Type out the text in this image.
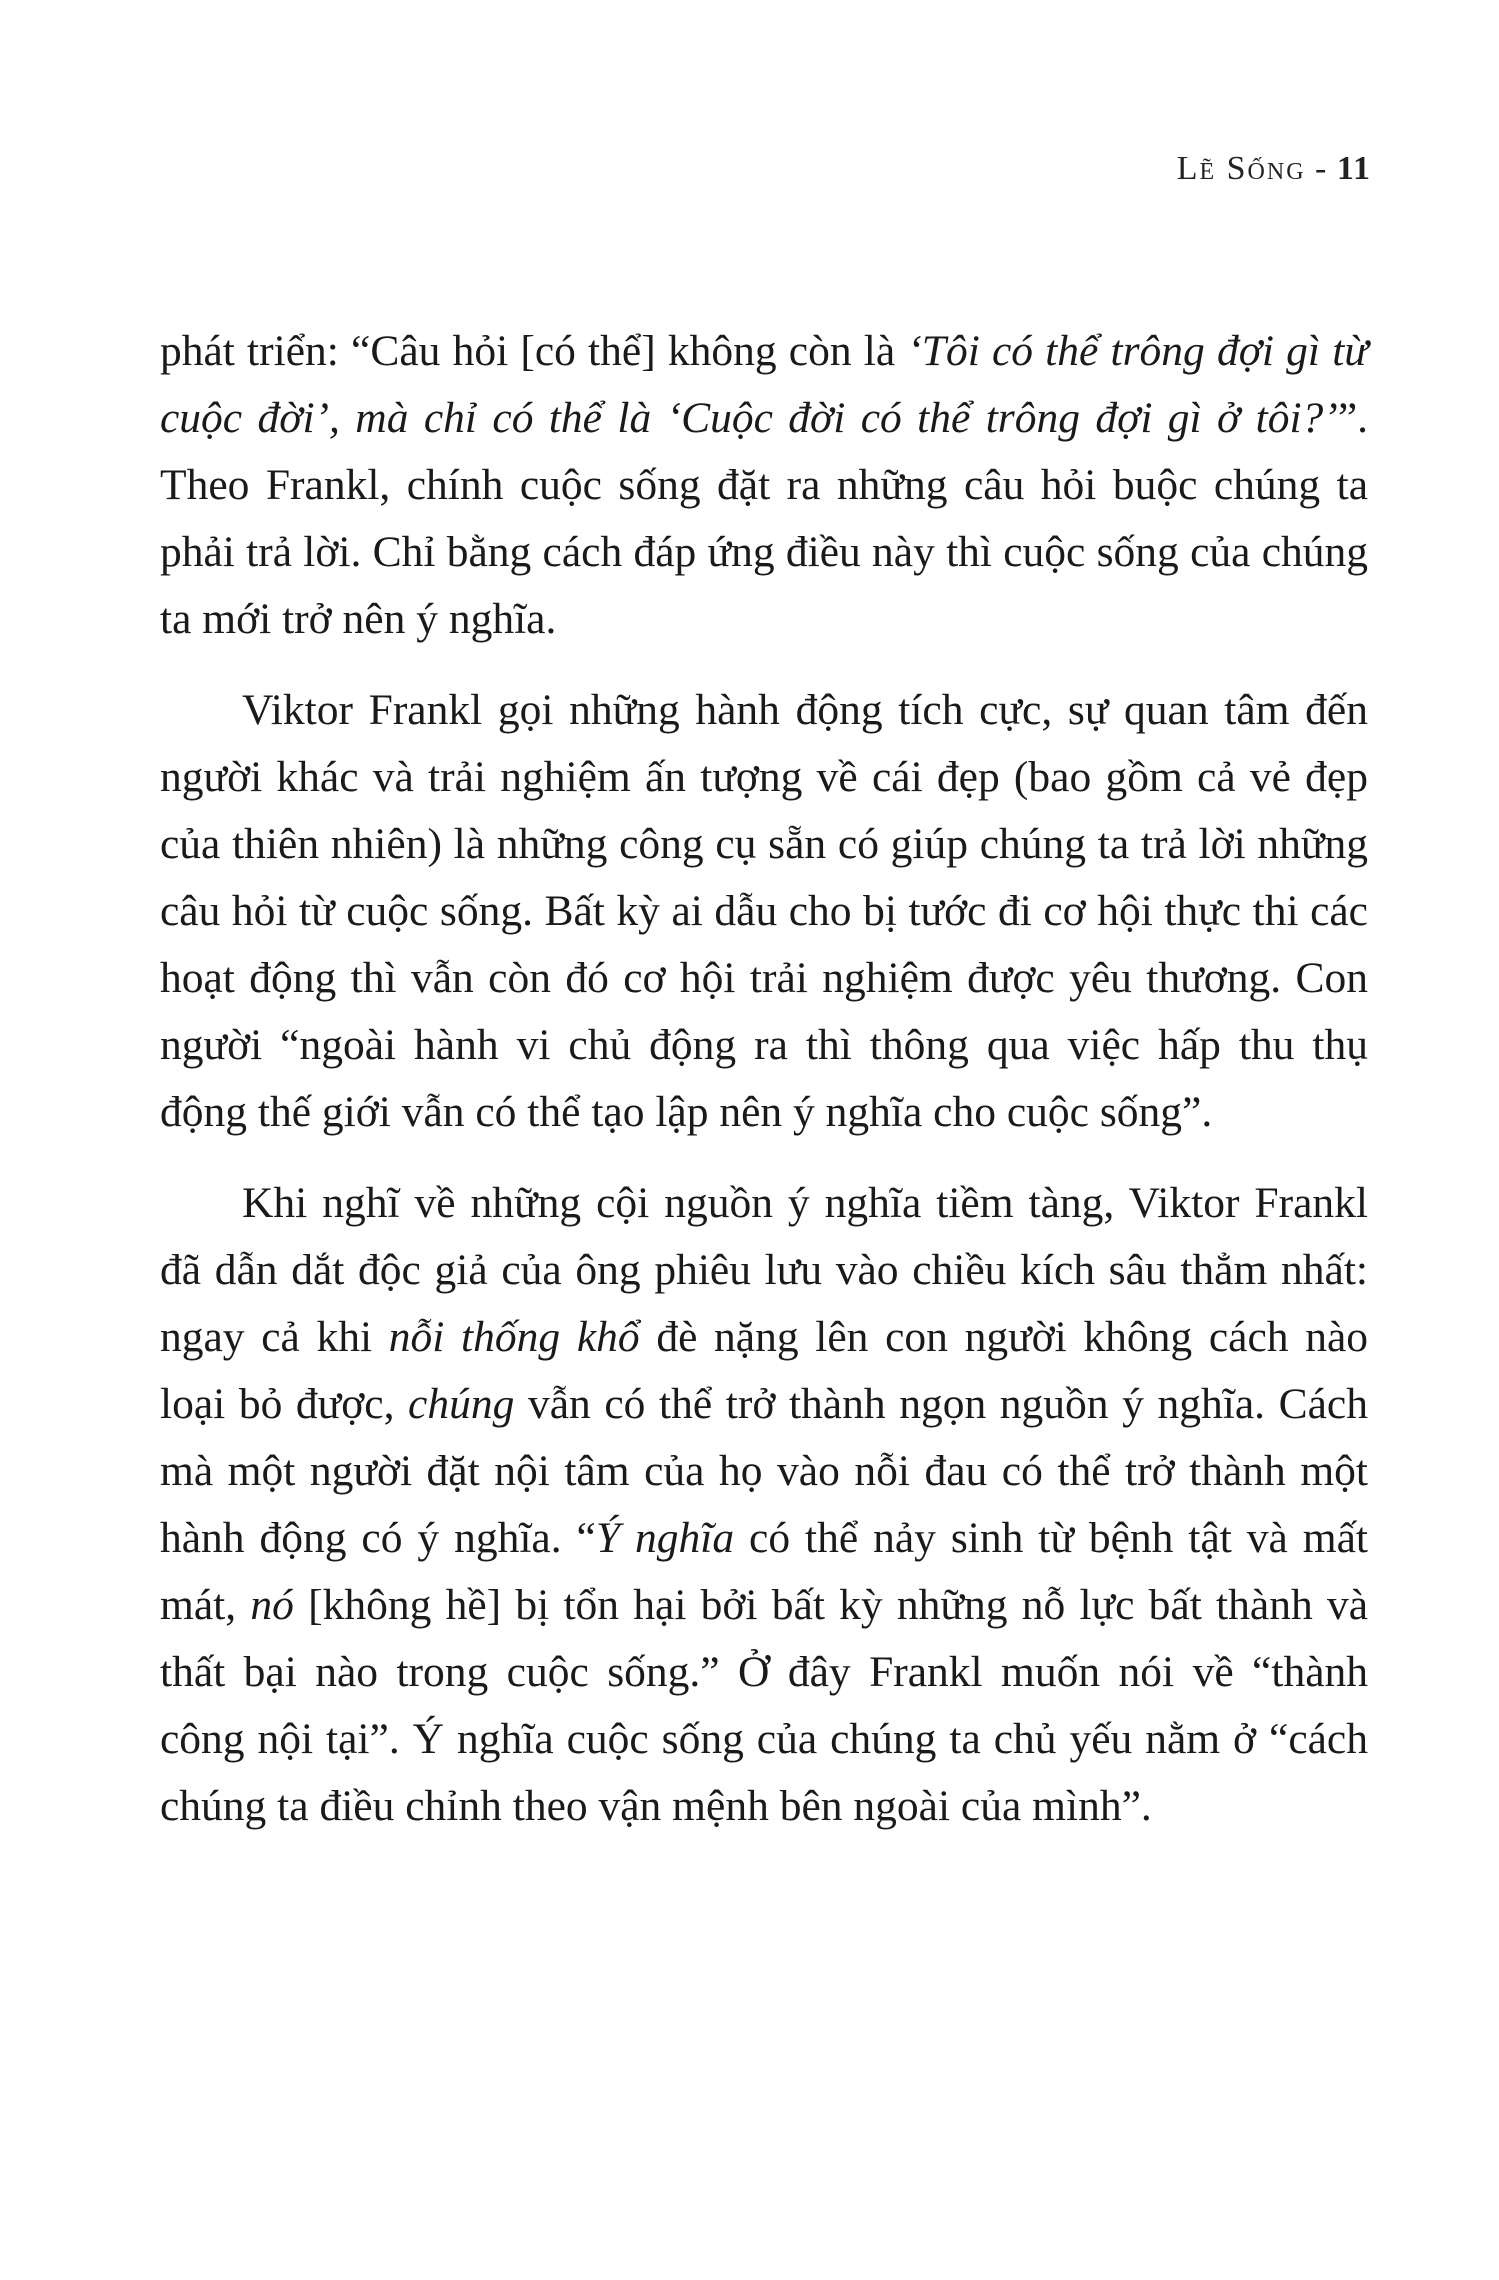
Lẽ Sống - 11

phát triển: “Câu hỏi [có thể] không còn là ‘Tôi có thể trông đợi gì từ cuộc đời’, mà chỉ có thể là ‘Cuộc đời có thể trông đợi gì ở tôi?’”. Theo Frankl, chính cuộc sống đặt ra những câu hỏi buộc chúng ta phải trả lời. Chỉ bằng cách đáp ứng điều này thì cuộc sống của chúng ta mới trở nên ý nghĩa.

Viktor Frankl gọi những hành động tích cực, sự quan tâm đến người khác và trải nghiệm ấn tượng về cái đẹp (bao gồm cả vẻ đẹp của thiên nhiên) là những công cụ sẵn có giúp chúng ta trả lời những câu hỏi từ cuộc sống. Bất kỳ ai dẫu cho bị tước đi cơ hội thực thi các hoạt động thì vẫn còn đó cơ hội trải nghiệm được yêu thương. Con người “ngoài hành vi chủ động ra thì thông qua việc hấp thu thụ động thế giới vẫn có thể tạo lập nên ý nghĩa cho cuộc sống”.

Khi nghĩ về những cội nguồn ý nghĩa tiềm tàng, Viktor Frankl đã dẫn dắt độc giả của ông phiêu lưu vào chiều kích sâu thẳm nhất: ngay cả khi nỗi thống khổ đè nặng lên con người không cách nào loại bỏ được, chúng vẫn có thể trở thành ngọn nguồn ý nghĩa. Cách mà một người đặt nội tâm của họ vào nỗi đau có thể trở thành một hành động có ý nghĩa. “Ý nghĩa có thể nảy sinh từ bệnh tật và mất mát, nó [không hề] bị tổn hại bởi bất kỳ những nỗ lực bất thành và thất bại nào trong cuộc sống.” Ở đây Frankl muốn nói về “thành công nội tại”. Ý nghĩa cuộc sống của chúng ta chủ yếu nằm ở “cách chúng ta điều chỉnh theo vận mệnh bên ngoài của mình”.
